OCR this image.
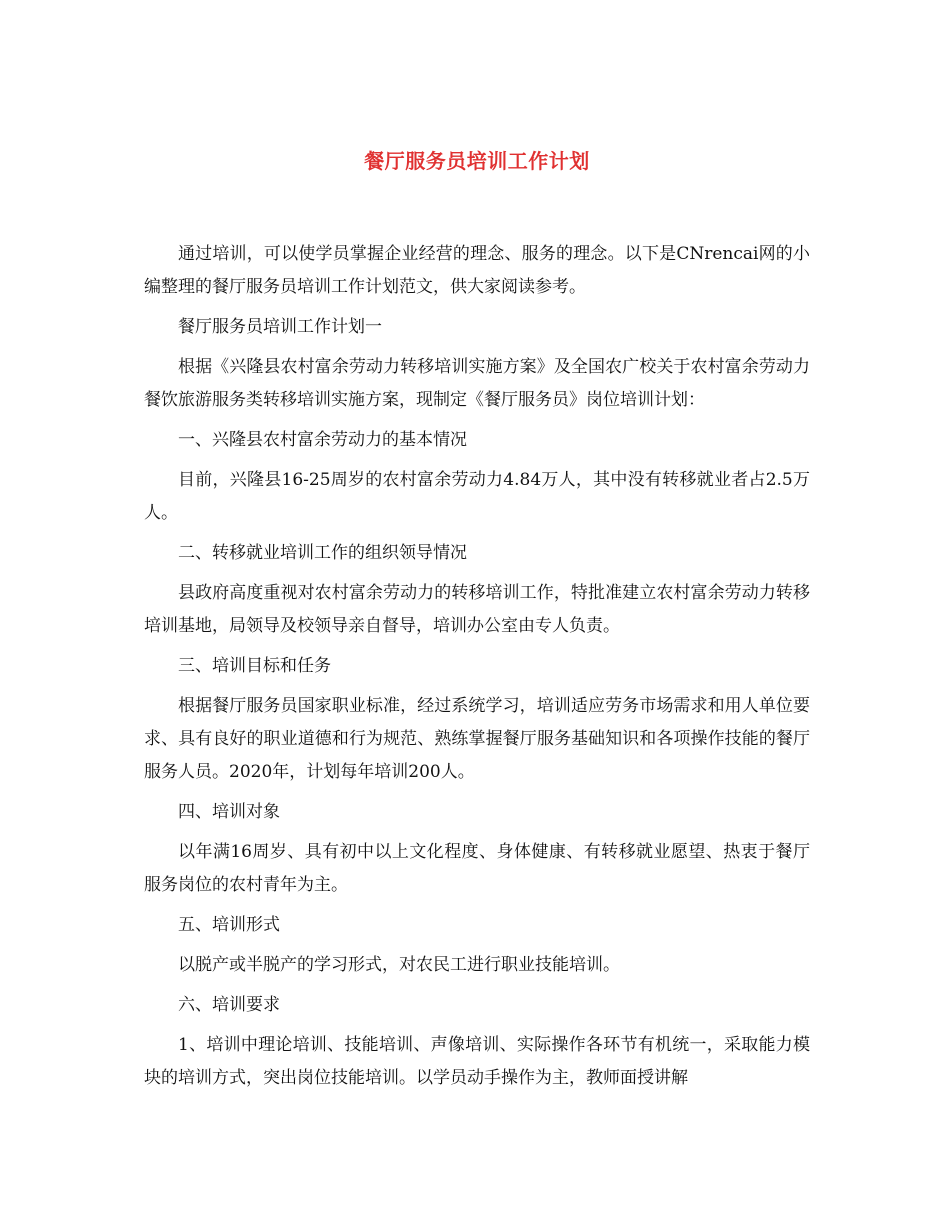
餐厅服务员培训工作计划

通过培训，可以使学员掌握企业经营的理念、服务的理念。以下是CNrencai网的小编整理的餐厅服务员培训工作计划范文，供大家阅读参考。

餐厅服务员培训工作计划一

根据《兴隆县农村富余劳动力转移培训实施方案》及全国农广校关于农村富余劳动力餐饮旅游服务类转移培训实施方案，现制定《餐厅服务员》岗位培训计划：

一、兴隆县农村富余劳动力的基本情况

目前，兴隆县16-25周岁的农村富余劳动力4.84万人，其中没有转移就业者占2.5万人。

二、转移就业培训工作的组织领导情况

县政府高度重视对农村富余劳动力的转移培训工作，特批准建立农村富余劳动力转移培训基地，局领导及校领导亲自督导，培训办公室由专人负责。

三、培训目标和任务

根据餐厅服务员国家职业标准，经过系统学习，培训适应劳务市场需求和用人单位要求、具有良好的职业道德和行为规范、熟练掌握餐厅服务基础知识和各项操作技能的餐厅服务人员。2020年，计划每年培训200人。

四、培训对象

以年满16周岁、具有初中以上文化程度、身体健康、有转移就业愿望、热衷于餐厅服务岗位的农村青年为主。

五、培训形式

以脱产或半脱产的学习形式，对农民工进行职业技能培训。

六、培训要求

1、培训中理论培训、技能培训、声像培训、实际操作各环节有机统一，采取能力模块的培训方式，突出岗位技能培训。以学员动手操作为主，教师面授讲解
